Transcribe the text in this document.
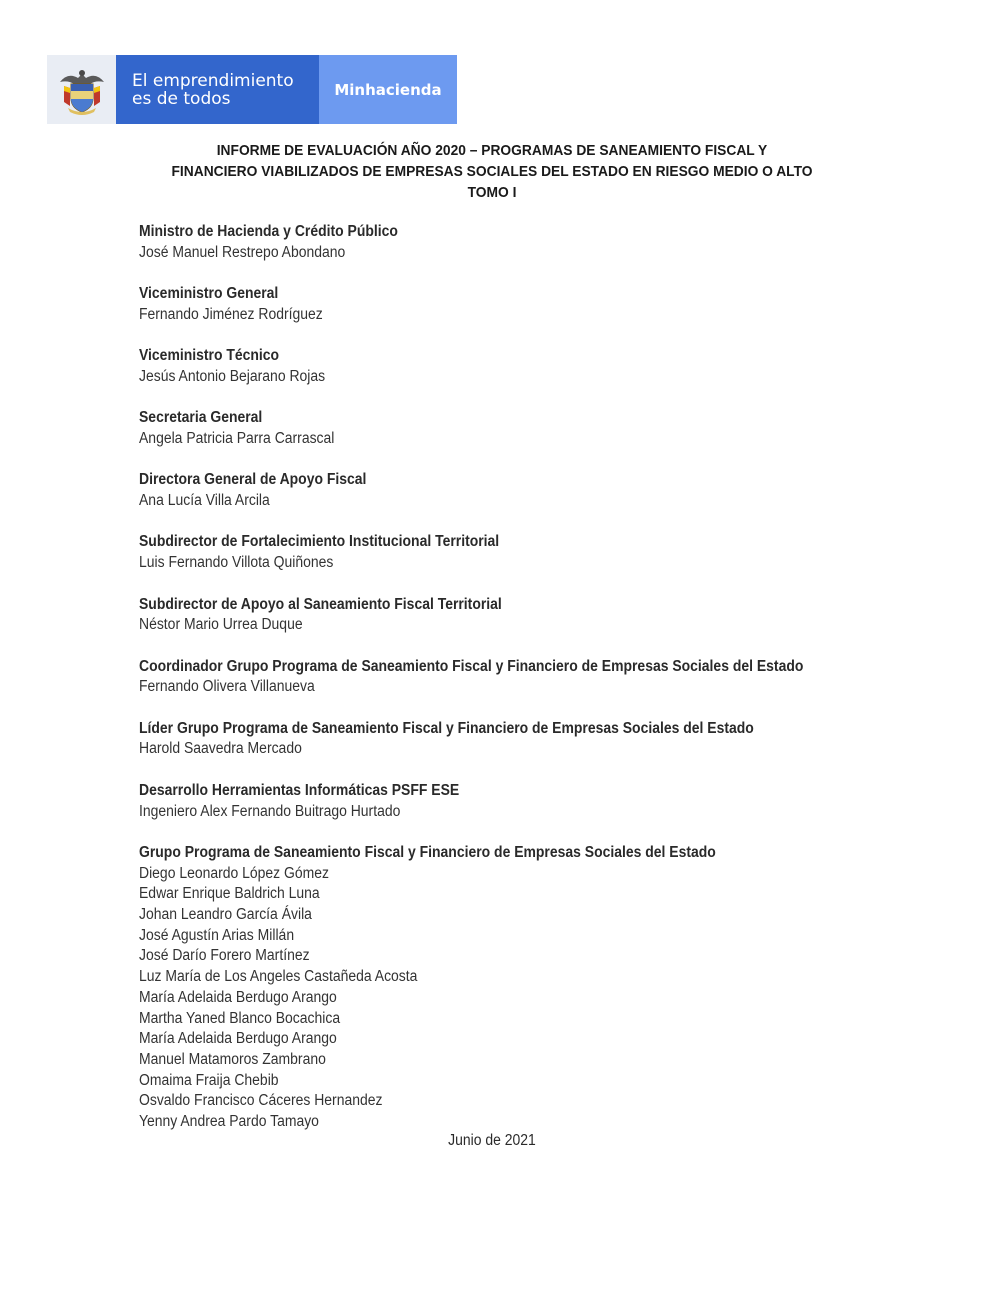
El emprendimiento
es de todos	Minhacienda
INFORME DE EVALUACIÓN AÑO 2020 – PROGRAMAS DE SANEAMIENTO FISCAL Y
FINANCIERO VIABILIZADOS DE EMPRESAS SOCIALES DEL ESTADO EN RIESGO MEDIO O ALTO
TOMO I
Ministro de Hacienda y Crédito Público
José Manuel Restrepo Abondano
Viceministro General
Fernando Jiménez Rodríguez
Viceministro Técnico
Jesús Antonio Bejarano Rojas
Secretaria General
Angela Patricia Parra Carrascal
Directora General de Apoyo Fiscal
Ana Lucía Villa Arcila
Subdirector de Fortalecimiento Institucional Territorial
Luis Fernando Villota Quiñones
Subdirector de Apoyo al Saneamiento Fiscal Territorial
Néstor Mario Urrea Duque
Coordinador Grupo Programa de Saneamiento Fiscal y Financiero de Empresas Sociales del Estado
Fernando Olivera Villanueva
Líder Grupo Programa de Saneamiento Fiscal y Financiero de Empresas Sociales del Estado
Harold Saavedra Mercado
Desarrollo Herramientas Informáticas PSFF ESE
Ingeniero Alex Fernando Buitrago Hurtado
Grupo Programa de Saneamiento Fiscal y Financiero de Empresas Sociales del Estado
Diego Leonardo López Gómez
Edwar Enrique Baldrich Luna
Johan Leandro García Ávila
José Agustín Arias Millán
José Darío Forero Martínez
Luz María de Los Angeles Castañeda Acosta
María Adelaida Berdugo Arango
Martha Yaned Blanco Bocachica
María Adelaida Berdugo Arango
Manuel Matamoros Zambrano
Omaima Fraija Chebib
Osvaldo Francisco Cáceres Hernandez
Yenny Andrea Pardo Tamayo
Junio de 2021
